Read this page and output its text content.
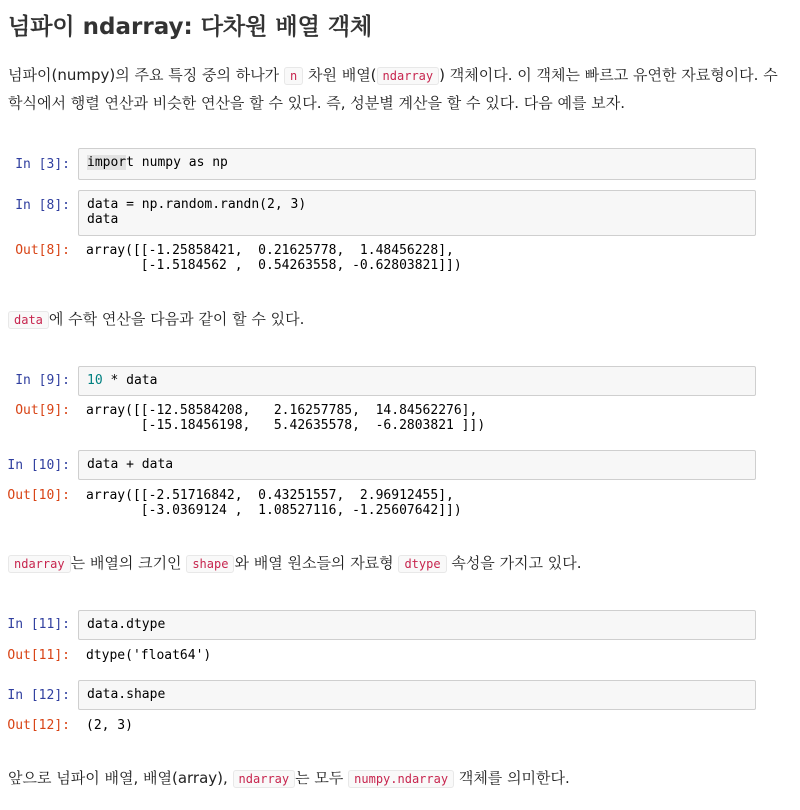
넘파이 ndarray: 다차원 배열 객체

넘파이(numpy)의 주요 특징 중의 하나가 n 차원 배열( ndarray ) 객체이다. 이 객체는 빠르고 유연한 자료형이다. 수학식에서 행렬 연산과 비슷한 연산을 할 수 있다. 즉, 성분별 계산을 할 수 있다. 다음 예를 보자.

In [3]:	import numpy as np
In [8]:	data = np.random.randn(2, 3)
data
Out[8]: array([[-1.25858421,  0.21625778,  1.48456228],
[-1.5184562 ,  0.54263558, -0.62803821]])

data 에 수학 연산을 다음과 같이 할 수 있다.

In [9]:	10 * data
Out[9]: array([[-12.58584208,   2.16257785,  14.84562276],
[-15.18456198,   5.42635578,  -6.2803821 ]])
In [10]:	data + data
Out[10]: array([[-2.51716842,  0.43251557,  2.96912455],
[-3.0369124 ,  1.08527116, -1.25607642]])

ndarray 는 배열의 크기인 shape 와 배열 원소들의 자료형 dtype 속성을 가지고 있다.

In [11]:	data.dtype
Out[11]: dtype('float64')
In [12]:	data.shape
Out[12]: (2, 3)

앞으로 넘파이 배열, 배열(array), ndarray 는 모두 numpy.ndarray 객체를 의미한다.
